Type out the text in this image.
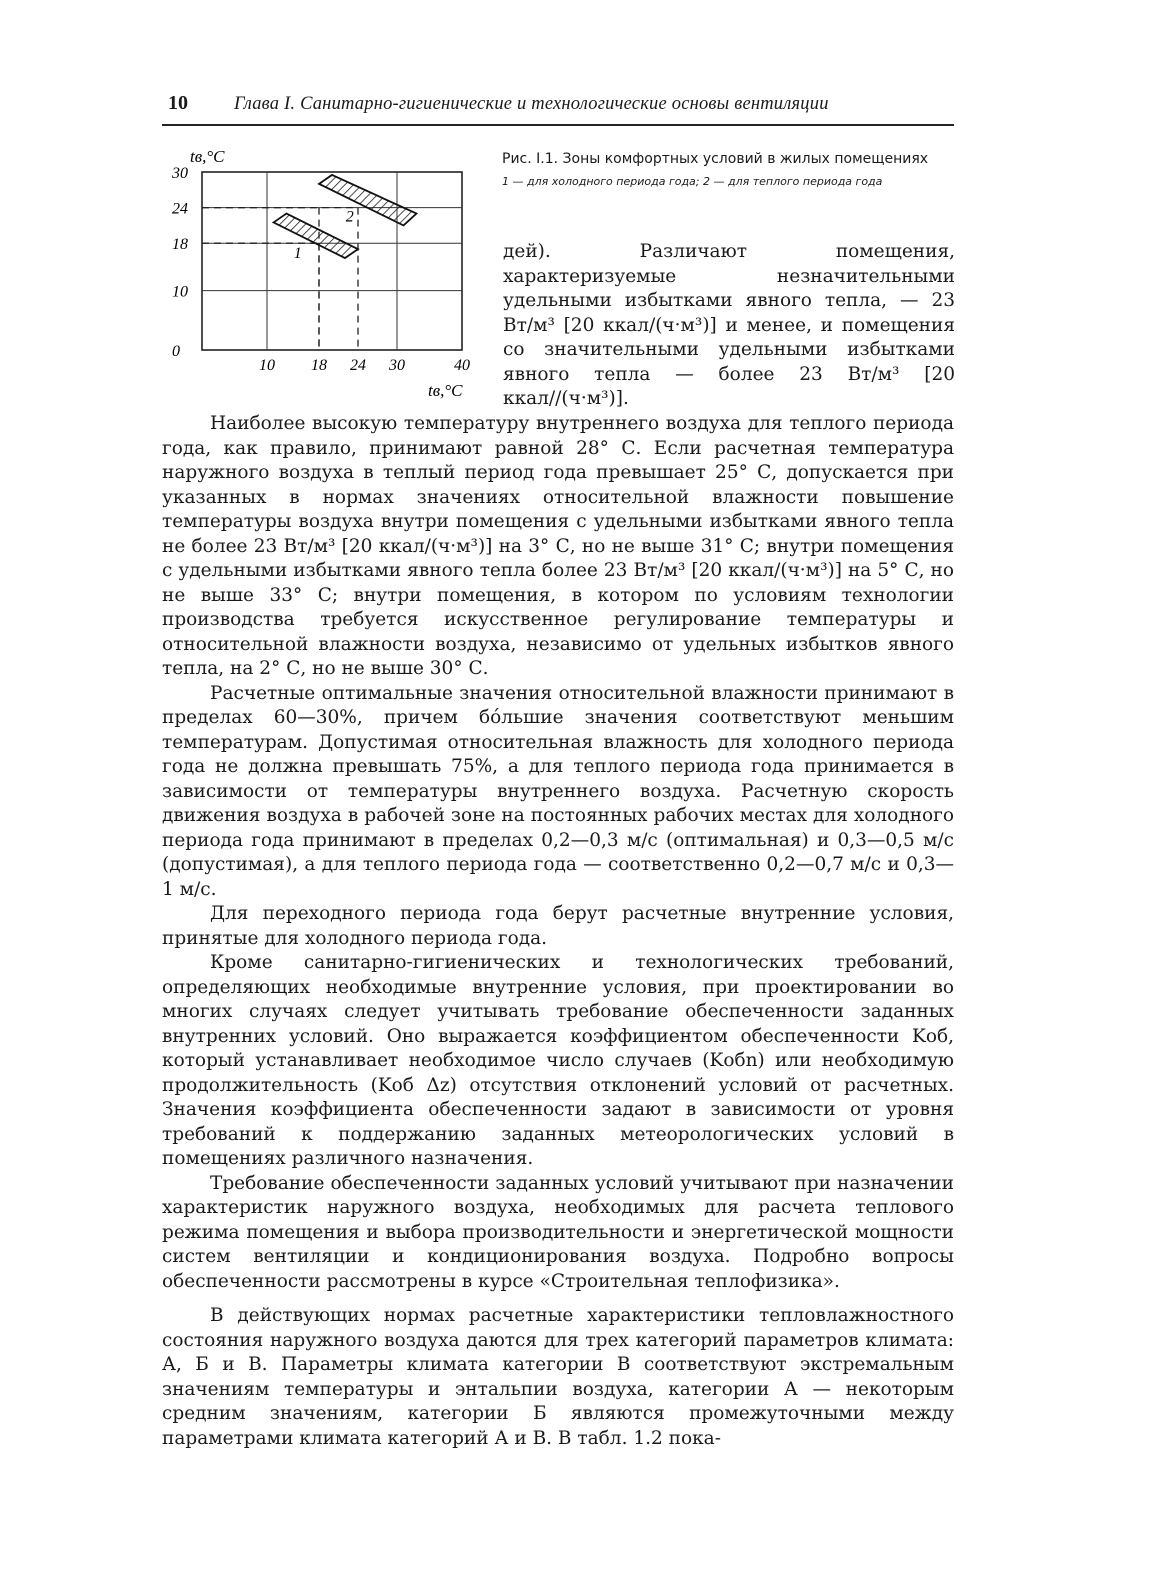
10 Глава I. Санитарно-гигиенические и технологические основы вентиляции
1
2
30
24
18
10
0
10 18 24 30	40
tв,°C
tв,°C
Рис. I.1. Зоны комфортных условий в жилых помещениях
1 — для холодного периода года; 2 — для теплого периода года

дей). Различают помещения, характеризуемые незначительными удельными избытками явного тепла, — 23 Вт/м³ [20 ккал/(ч·м³)] и менее, и помещения со значительными удельными избытками явного тепла — более 23 Вт/м³ [20 ккал//(ч·м³)].

Наиболее высокую температуру внутреннего воздуха для теплого периода года, как правило, принимают равной 28° С. Если расчетная температура наружного воздуха в теплый период года превышает 25° С, допускается при указанных в нормах значениях относительной влажности повышение температуры воздуха внутри помещения с удельными избытками явного тепла не более 23 Вт/м³ [20 ккал/(ч·м³)] на 3° С, но не выше 31° С; внутри помещения с удельными избытками явного тепла более 23 Вт/м³ [20 ккал/(ч·м³)] на 5° С, но не выше 33° С; внутри помещения, в котором по условиям технологии производства требуется искусственное регулирование температуры и относительной влажности воздуха, независимо от удельных избытков явного тепла, на 2° С, но не выше 30° С.

Расчетные оптимальные значения относительной влажности принимают в пределах 60—30%, причем бо́льшие значения соответствуют меньшим температурам. Допустимая относительная влажность для холодного периода года не должна превышать 75%, а для теплого периода года принимается в зависимости от температуры внутреннего воздуха. Расчетную скорость движения воздуха в рабочей зоне на постоянных рабочих местах для холодного периода года принимают в пределах 0,2—0,3 м/с (оптимальная) и 0,3—0,5 м/с (допустимая), а для теплого периода года — соответственно 0,2—0,7 м/с и 0,3—1 м/с.

Для переходного периода года берут расчетные внутренние условия, принятые для холодного периода года.

Кроме санитарно-гигиенических и технологических требований, определяющих необходимые внутренние условия, при проектировании во многих случаях следует учитывать требование обеспеченности заданных внутренних условий. Оно выражается коэффициентом обеспеченности Kоб, который устанавливает необходимое число случаев (Kобn) или необходимую продолжительность (Kоб Δz) отсутствия отклонений условий от расчетных. Значения коэффициента обеспеченности задают в зависимости от уровня требований к поддержанию заданных метеорологических условий в помещениях различного назначения.

Требование обеспеченности заданных условий учитывают при назначении характеристик наружного воздуха, необходимых для расчета теплового режима помещения и выбора производительности и энергетической мощности систем вентиляции и кондиционирования воздуха. Подробно вопросы обеспеченности рассмотрены в курсе «Строительная теплофизика».

В действующих нормах расчетные характеристики тепловлажностного состояния наружного воздуха даются для трех категорий параметров климата: А, Б и В. Параметры климата категории В соответствуют экстремальным значениям температуры и энтальпии воздуха, категории А — некоторым средним значениям, категории Б являются промежуточными между параметрами климата категорий А и В. В табл. 1.2 пока-
